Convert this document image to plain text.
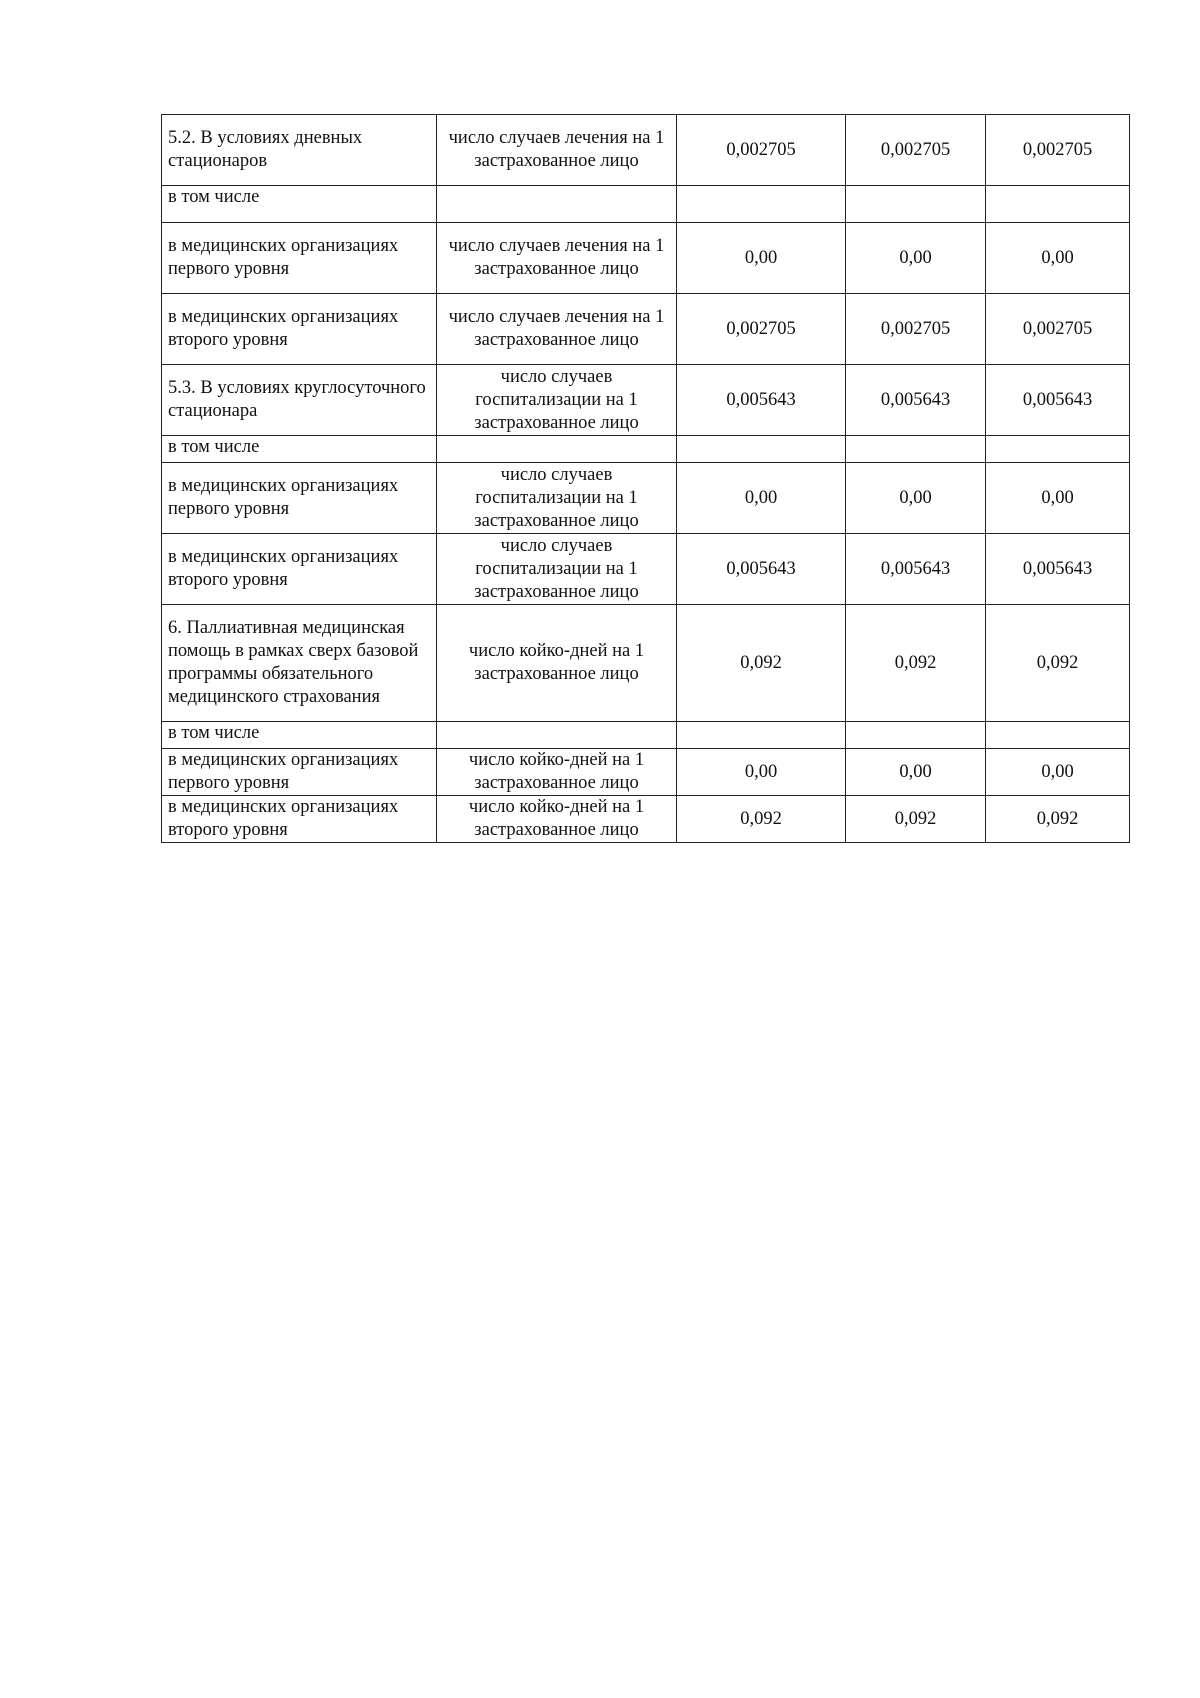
5.2. В условиях дневных стационаров	число случаев лечения на 1 застрахованное лицо	0,002705	0,002705	0,002705
в том числе				
в медицинских организациях первого уровня	число случаев лечения на 1 застрахованное лицо	0,00	0,00	0,00
в медицинских организациях второго уровня	число случаев лечения на 1 застрахованное лицо	0,002705	0,002705	0,002705
5.3. В условиях круглосуточного стационара	число случаев госпитализации на 1 застрахованное лицо	0,005643	0,005643	0,005643
в том числе				
в медицинских организациях первого уровня	число случаев госпитализации на 1 застрахованное лицо	0,00	0,00	0,00
в медицинских организациях второго уровня	число случаев госпитализации на 1 застрахованное лицо	0,005643	0,005643	0,005643
6. Паллиативная медицинская помощь в рамках сверх базовой программы обязательного медицинского страхования	число койко-дней на 1 застрахованное лицо	0,092	0,092	0,092
в том числе				
в медицинских организациях первого уровня	число койко-дней на 1 застрахованное лицо	0,00	0,00	0,00
в медицинских организациях второго уровня	число койко-дней на 1 застрахованное лицо	0,092	0,092	0,092
